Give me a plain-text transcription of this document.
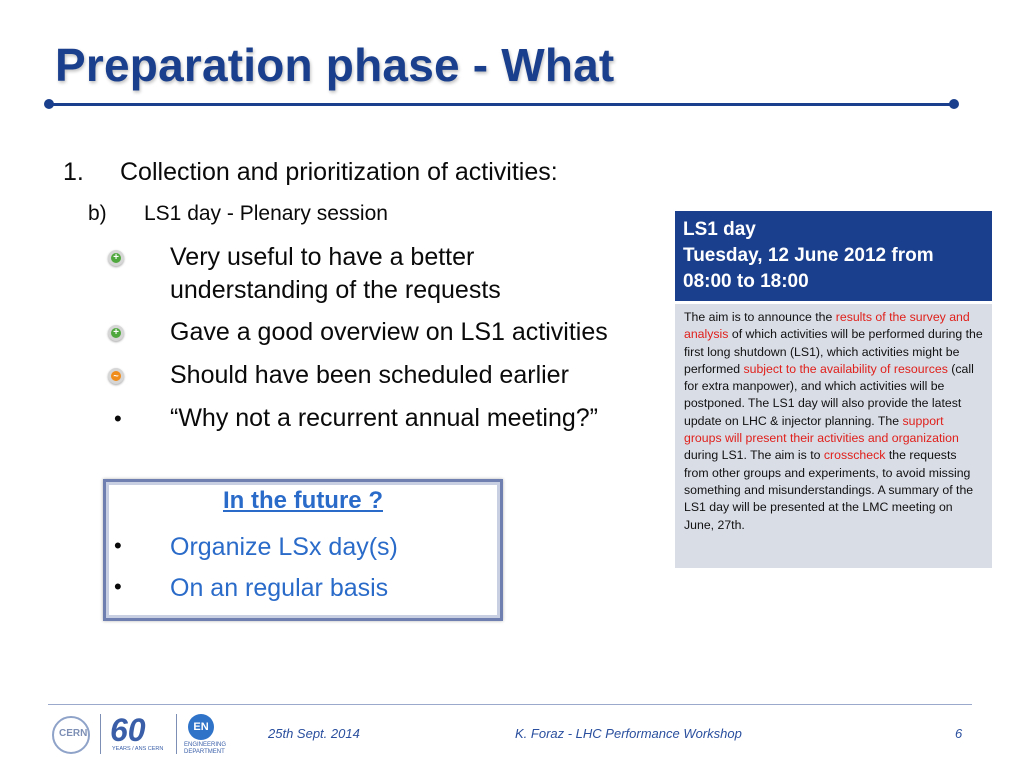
Preparation phase - What
1. Collection and prioritization of activities:
b) LS1 day - Plenary session
+ Very useful to have a better
understanding of the requests
+ Gave a good overview on LS1 activities
~ Should have been scheduled earlier
• “Why not a recurrent annual meeting?”
In the future ?
• Organize LSx day(s)
• On an regular basis
LS1 day
Tuesday, 12 June 2012 from
08:00 to 18:00
The aim is to announce the results of the survey and analysis of which activities will be performed during the first long shutdown (LS1), which activities might be performed subject to the availability of resources (call for extra manpower), and which activities will be postponed. The LS1 day will also provide the latest update on LHC & injector planning. The support groups will present their activities and organization during LS1. The aim is to crosscheck the requests from other groups and experiments, to avoid missing something and misunderstandings. A summary of the LS1 day will be presented at the LMC meeting on June, 27th.
CERN 60
YEARS / ANS CERN
EN
ENGINEERING
DEPARTMENT
25th Sept. 2014	K. Foraz - LHC Performance Workshop	6
